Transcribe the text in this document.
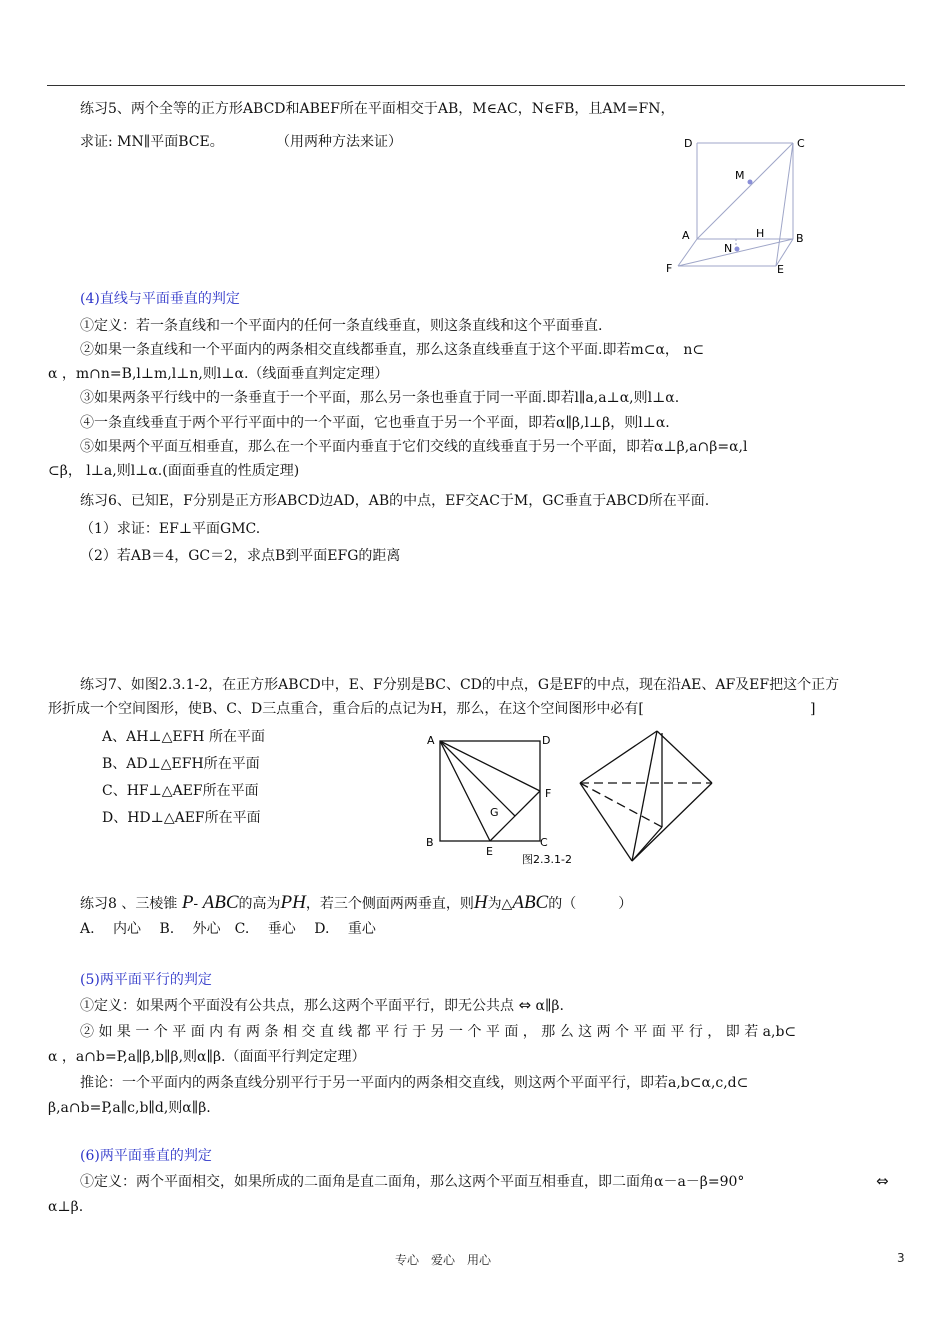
练习5、两个全等的正方形ABCD和ABEF所在平面相交于AB，M∈AC，N∈FB，且AM=FN，
求证: MN∥平面BCE。	（用两种方法来证）	D	C
M
A	H
N
B
F	E
(4)直线与平面垂直的判定
①定义：若一条直线和一个平面内的任何一条直线垂直，则这条直线和这个平面垂直.
②如果一条直线和一个平面内的两条相交直线都垂直，那么这条直线垂直于这个平面.即若m⊂α， n⊂
α ，m∩n=B,l⊥m,l⊥n,则l⊥α.（线面垂直判定定理）
③如果两条平行线中的一条垂直于一个平面，那么另一条也垂直于同一平面.即若l∥a,a⊥α,则l⊥α.
④一条直线垂直于两个平行平面中的一个平面，它也垂直于另一个平面，即若α∥β,l⊥β，则l⊥α.
⑤如果两个平面互相垂直，那么在一个平面内垂直于它们交线的直线垂直于另一个平面，即若α⊥β,a∩β=α,l
⊂β， l⊥a,则l⊥α.(面面垂直的性质定理)
练习6、已知E，F分别是正方形ABCD边AD，AB的中点，EF交AC于M，GC垂直于ABCD所在平面.
（1）求证：EF⊥平面GMC.
（2）若AB＝4，GC＝2，求点B到平面EFG的距离
练习7、如图2.3.1-2，在正方形ABCD中，E、F分别是BC、CD的中点，G是EF的中点，现在沿AE、AF及EF把这个正方
形折成一个空间图形，使B、C、D三点重合，重合后的点记为H，那么，在这个空间图形中必有[	]
A、AH⊥△EFH 所在平面
B、AD⊥△EFH所在平面
C、HF⊥△AEF所在平面
D、HD⊥△AEF所在平面
A	D
F
G
B	C
E
图2.3.1-2
练习8 、三棱锥 P- ABC的高为PH，若三个侧面两两垂直，则H为△ABC的（　　　）
A.　 内心　 B.　 外心　C.　 垂心　 D.　 重心
(5)两平面平行的判定
①定义：如果两个平面没有公共点，那么这两个平面平行，即无公共点 ⇔ α∥β.
② 如 果 一 个 平 面 内 有 两 条 相 交 直 线 都 平 行 于 另 一 个 平 面 ， 那 么 这 两 个 平 面 平 行 ， 即 若 a,b⊂
α ，a∩b=P,a∥β,b∥β,则α∥β.（面面平行判定定理）
推论：一个平面内的两条直线分别平行于另一平面内的两条相交直线，则这两个平面平行，即若a,b⊂α,c,d⊂
β,a∩b=P,a∥c,b∥d,则α∥β.
(6)两平面垂直的判定
①定义：两个平面相交，如果所成的二面角是直二面角，那么这两个平面互相垂直，即二面角α－a－β=90°	⇔
α⊥β.
专心　爱心　用心	3
